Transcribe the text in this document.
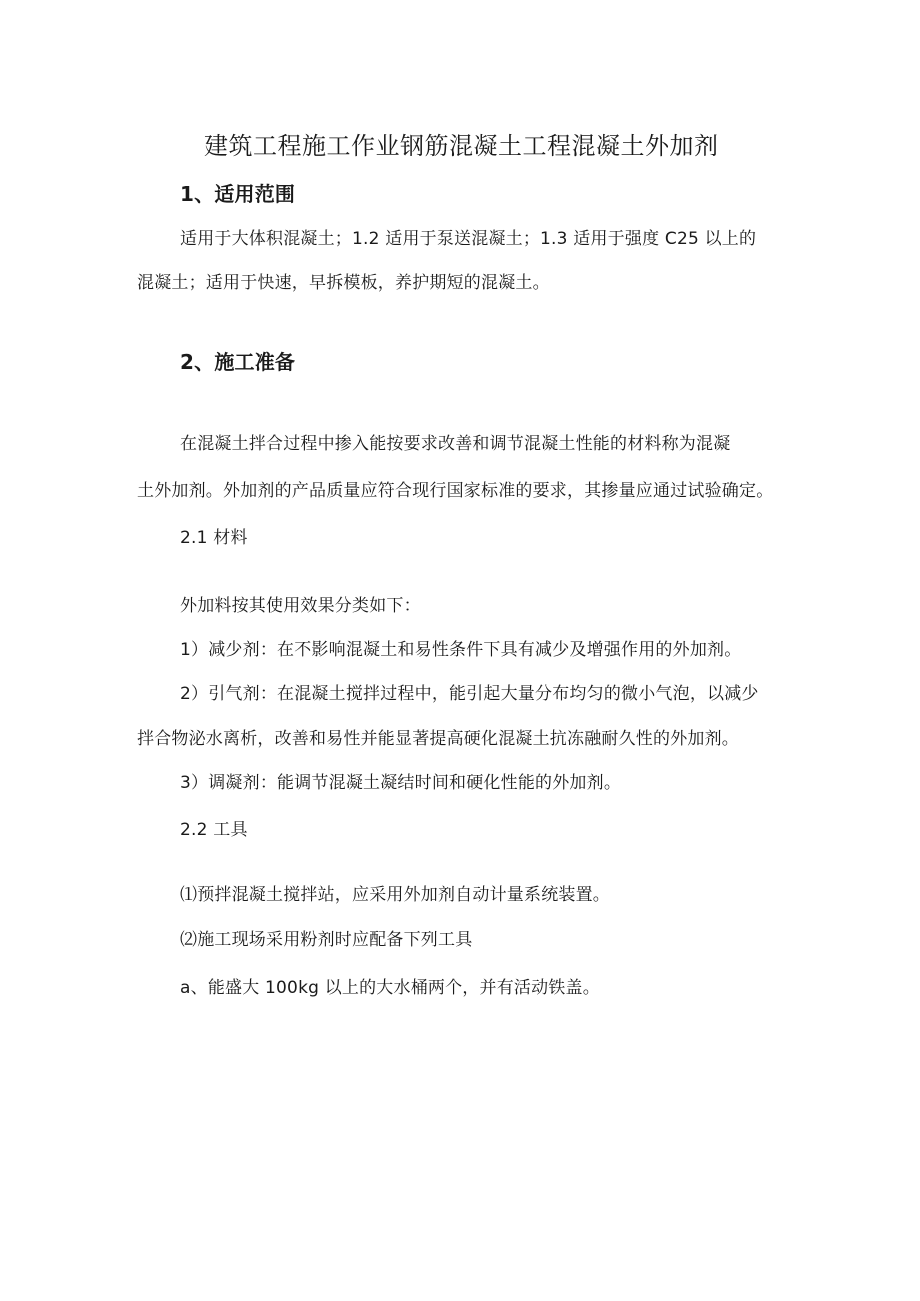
建筑工程施工作业钢筋混凝土工程混凝土外加剂
1、适用范围
适用于大体积混凝土；1.2 适用于泵送混凝土；1.3 适用于强度 C25 以上的
混凝土；适用于快速，早拆模板，养护期短的混凝土。
2、施工准备
在混凝土拌合过程中掺入能按要求改善和调节混凝土性能的材料称为混凝
土外加剂。外加剂的产品质量应符合现行国家标准的要求，其掺量应通过试验确定。
2.1 材料
外加料按其使用效果分类如下：
1）减少剂：在不影响混凝土和易性条件下具有减少及增强作用的外加剂。
2）引气剂：在混凝土搅拌过程中，能引起大量分布均匀的微小气泡，以减少
拌合物泌水离析，改善和易性并能显著提高硬化混凝土抗冻融耐久性的外加剂。
3）调凝剂：能调节混凝土凝结时间和硬化性能的外加剂。
2.2 工具
⑴预拌混凝土搅拌站，应采用外加剂自动计量系统装置。
⑵施工现场采用粉剂时应配备下列工具
a、能盛大 100kg 以上的大水桶两个，并有活动铁盖。
